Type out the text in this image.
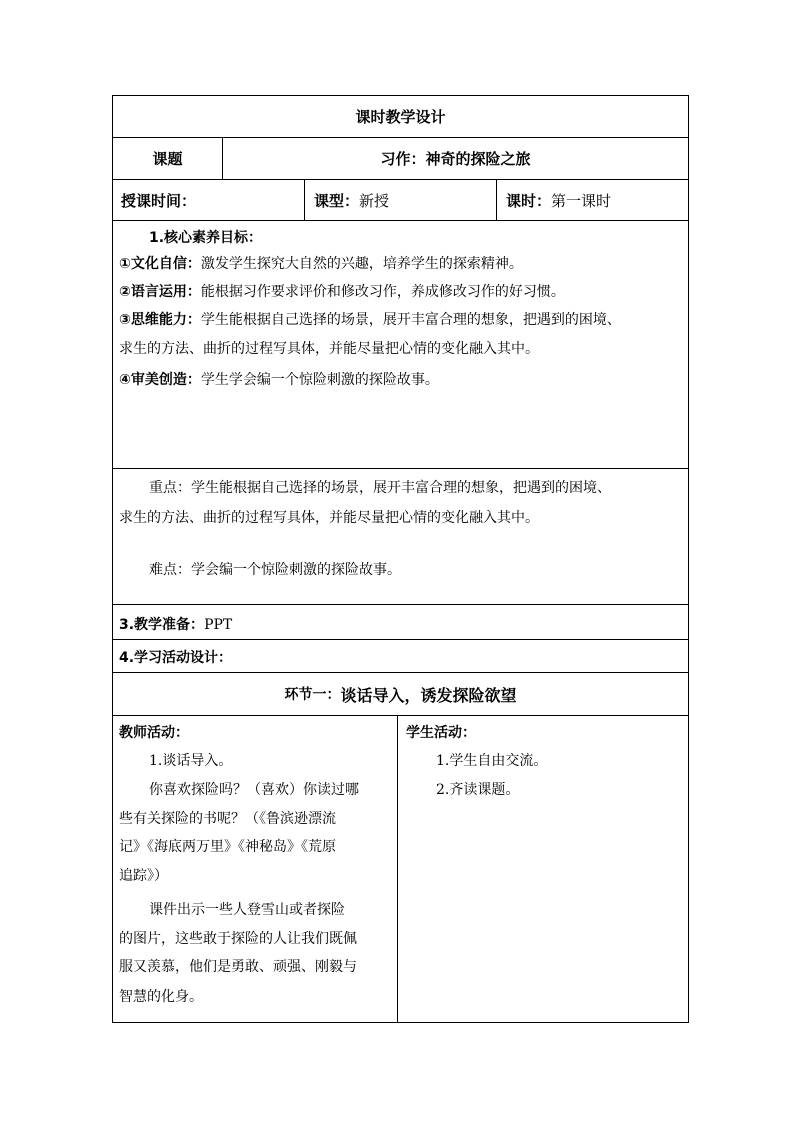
课时教学设计
课题	习作：神奇的探险之旅
授课时间：	课型： 新授	课时： 第一课时
1.核心素养目标：
①文化自信：激发学生探究大自然的兴趣，培养学生的探索精神。
②语言运用：能根据习作要求评价和修改习作，养成修改习作的好习惯。
③思维能力：学生能根据自己选择的场景，展开丰富合理的想象，把遇到的困境、
求生的方法、曲折的过程写具体，并能尽量把心情的变化融入其中。
④审美创造：学生学会编一个惊险刺激的探险故事。
重点：学生能根据自己选择的场景，展开丰富合理的想象，把遇到的困境、
求生的方法、曲折的过程写具体，并能尽量把心情的变化融入其中。
难点：学会编一个惊险刺激的探险故事。
3.教学准备：PPT
4.学习活动设计：
环节一： 谈话导入，诱发探险欲望
教师活动：
1.谈话导入。
你喜欢探险吗？（喜欢）你读过哪
些有关探险的书呢？（《鲁滨逊漂流
记》《海底两万里》《神秘岛》《荒原
追踪》）
课件出示一些人登雪山或者探险
的图片，这些敢于探险的人让我们既佩
服又羡慕，他们是勇敢、顽强、刚毅与
智慧的化身。
学生活动：
1.学生自由交流。
2.齐读课题。
